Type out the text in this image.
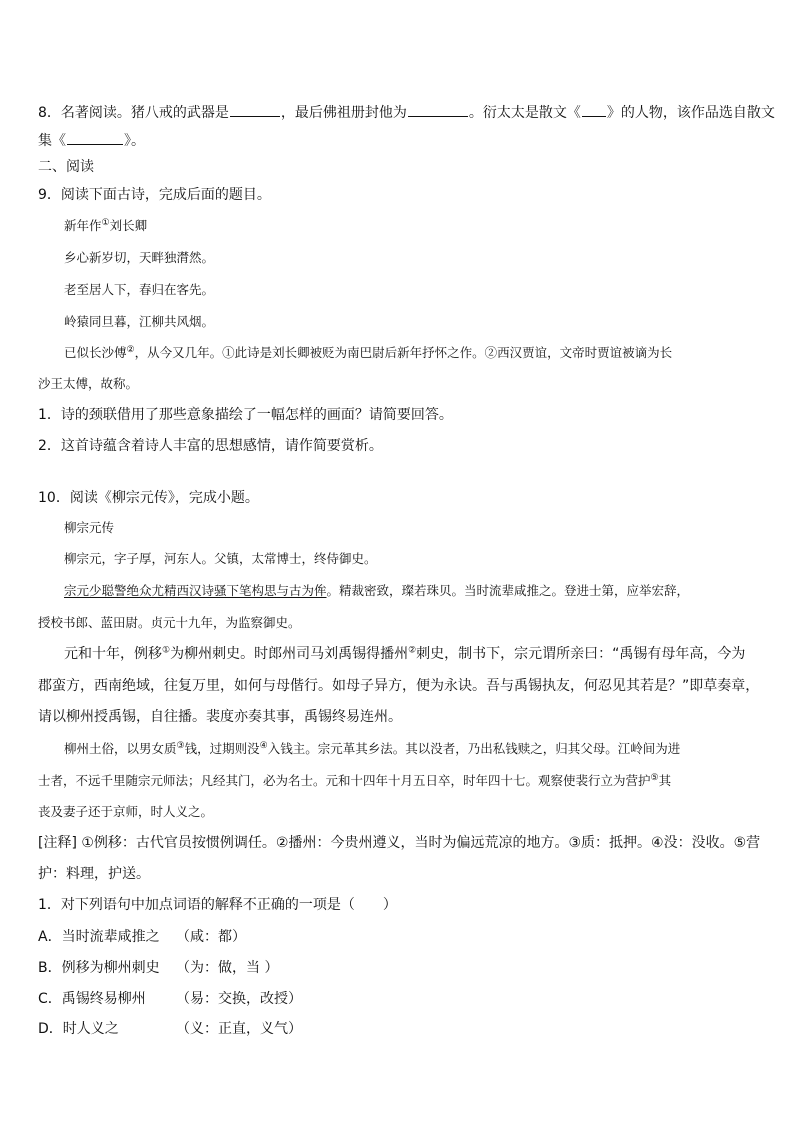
8．名著阅读。猪八戒的武器是	，最后佛祖册封他为	。衍太太是散文《 》的人物，该作品选自散文
集《	》。
二、阅读
9．阅读下面古诗，完成后面的题目。
新年作①刘长卿
乡心新岁切，天畔独潸然。
老至居人下，春归在客先。
岭猿同旦暮，江柳共风烟。
已似长沙傅②，从今又几年。①此诗是刘长卿被贬为南巴尉后新年抒怀之作。②西汉贾谊，文帝时贾谊被谪为长
沙王太傅，故称。
1．诗的颈联借用了那些意象描绘了一幅怎样的画面？请简要回答。
2．这首诗蕴含着诗人丰富的思想感情，请作简要赏析。
10．阅读《柳宗元传》，完成小题。
柳宗元传
柳宗元，字子厚，河东人。父镇，太常博士，终侍御史。
宗元少聪警绝众尤精西汉诗骚下笔构思与古为侔。精裁密致，璨若珠贝。当时流辈咸推之。登进士第，应举宏辞，
授校书郎、蓝田尉。贞元十九年，为监察御史。
元和十年，例移①为柳州刺史。时郎州司马刘禹锡得播州②刺史，制书下，宗元谓所亲曰：“禹锡有母年高，今为
郡蛮方，西南绝域，往复万里，如何与母偕行。如母子异方，便为永诀。吾与禹锡执友，何忍见其若是？”即草奏章，
请以柳州授禹锡，自往播。裴度亦奏其事，禹锡终易连州。
柳州土俗，以男女质③钱，过期则没④入钱主。宗元革其乡法。其以没者，乃出私钱赎之，归其父母。江岭间为进
士者，不远千里随宗元师法；凡经其门，必为名士。元和十四年十月五日卒，时年四十七。观察使裴行立为营护⑤其
丧及妻子还于京师，时人义之。
[注释] ①例移：古代官员按惯例调任。②播州：今贵州遵义，当时为偏远荒凉的地方。③质：抵押。④没：没收。⑤营
护：料理，护送。
1．对下列语句中加点词语的解释不正确的一项是（　　）
A．当时流辈咸推之 （咸：都）
B．例移为柳州刺史 （为：做，当 ）
C．禹锡终易柳州 （易：交换，改授）
D．时人义之	（义：正直，义气）
